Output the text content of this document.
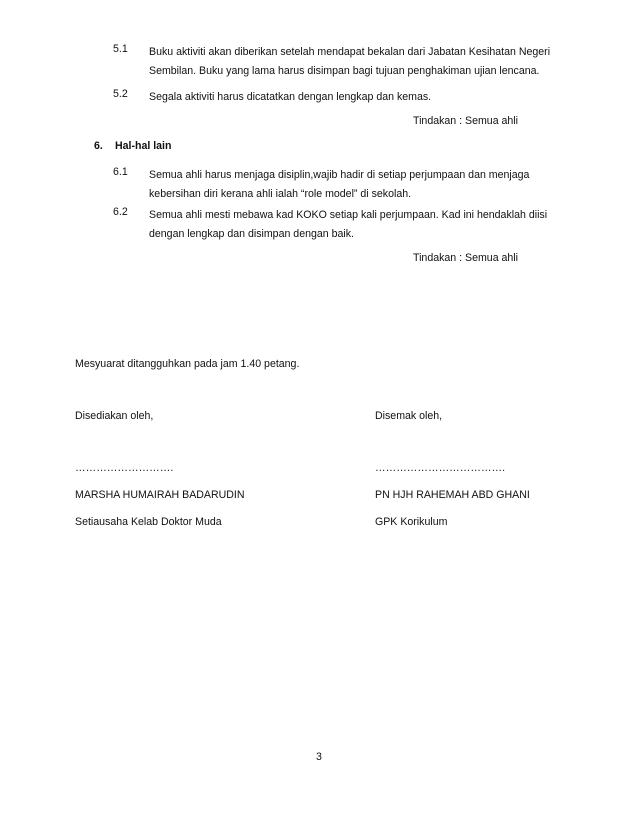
5.1 Buku aktiviti akan diberikan setelah mendapat bekalan dari Jabatan Kesihatan Negeri Sembilan. Buku yang lama harus disimpan bagi tujuan penghakiman ujian lencana.
5.2 Segala aktiviti harus dicatatkan dengan lengkap dan kemas.
Tindakan : Semua ahli
6. Hal-hal lain
6.1 Semua ahli harus menjaga disiplin,wajib hadir di setiap perjumpaan dan menjaga kebersihan diri kerana ahli ialah “role model” di sekolah.
6.2 Semua ahli mesti mebawa kad KOKO setiap kali perjumpaan. Kad ini hendaklah diisi dengan lengkap dan disimpan dengan baik.
Tindakan : Semua ahli
Mesyuarat ditangguhkan pada jam 1.40 petang.
Disediakan oleh,
……………………….
MARSHA HUMAIRAH BADARUDIN
Setiausaha Kelab Doktor Muda
Disemak oleh,
……………………………….
PN HJH RAHEMAH ABD GHANI
GPK Korikulum
3
